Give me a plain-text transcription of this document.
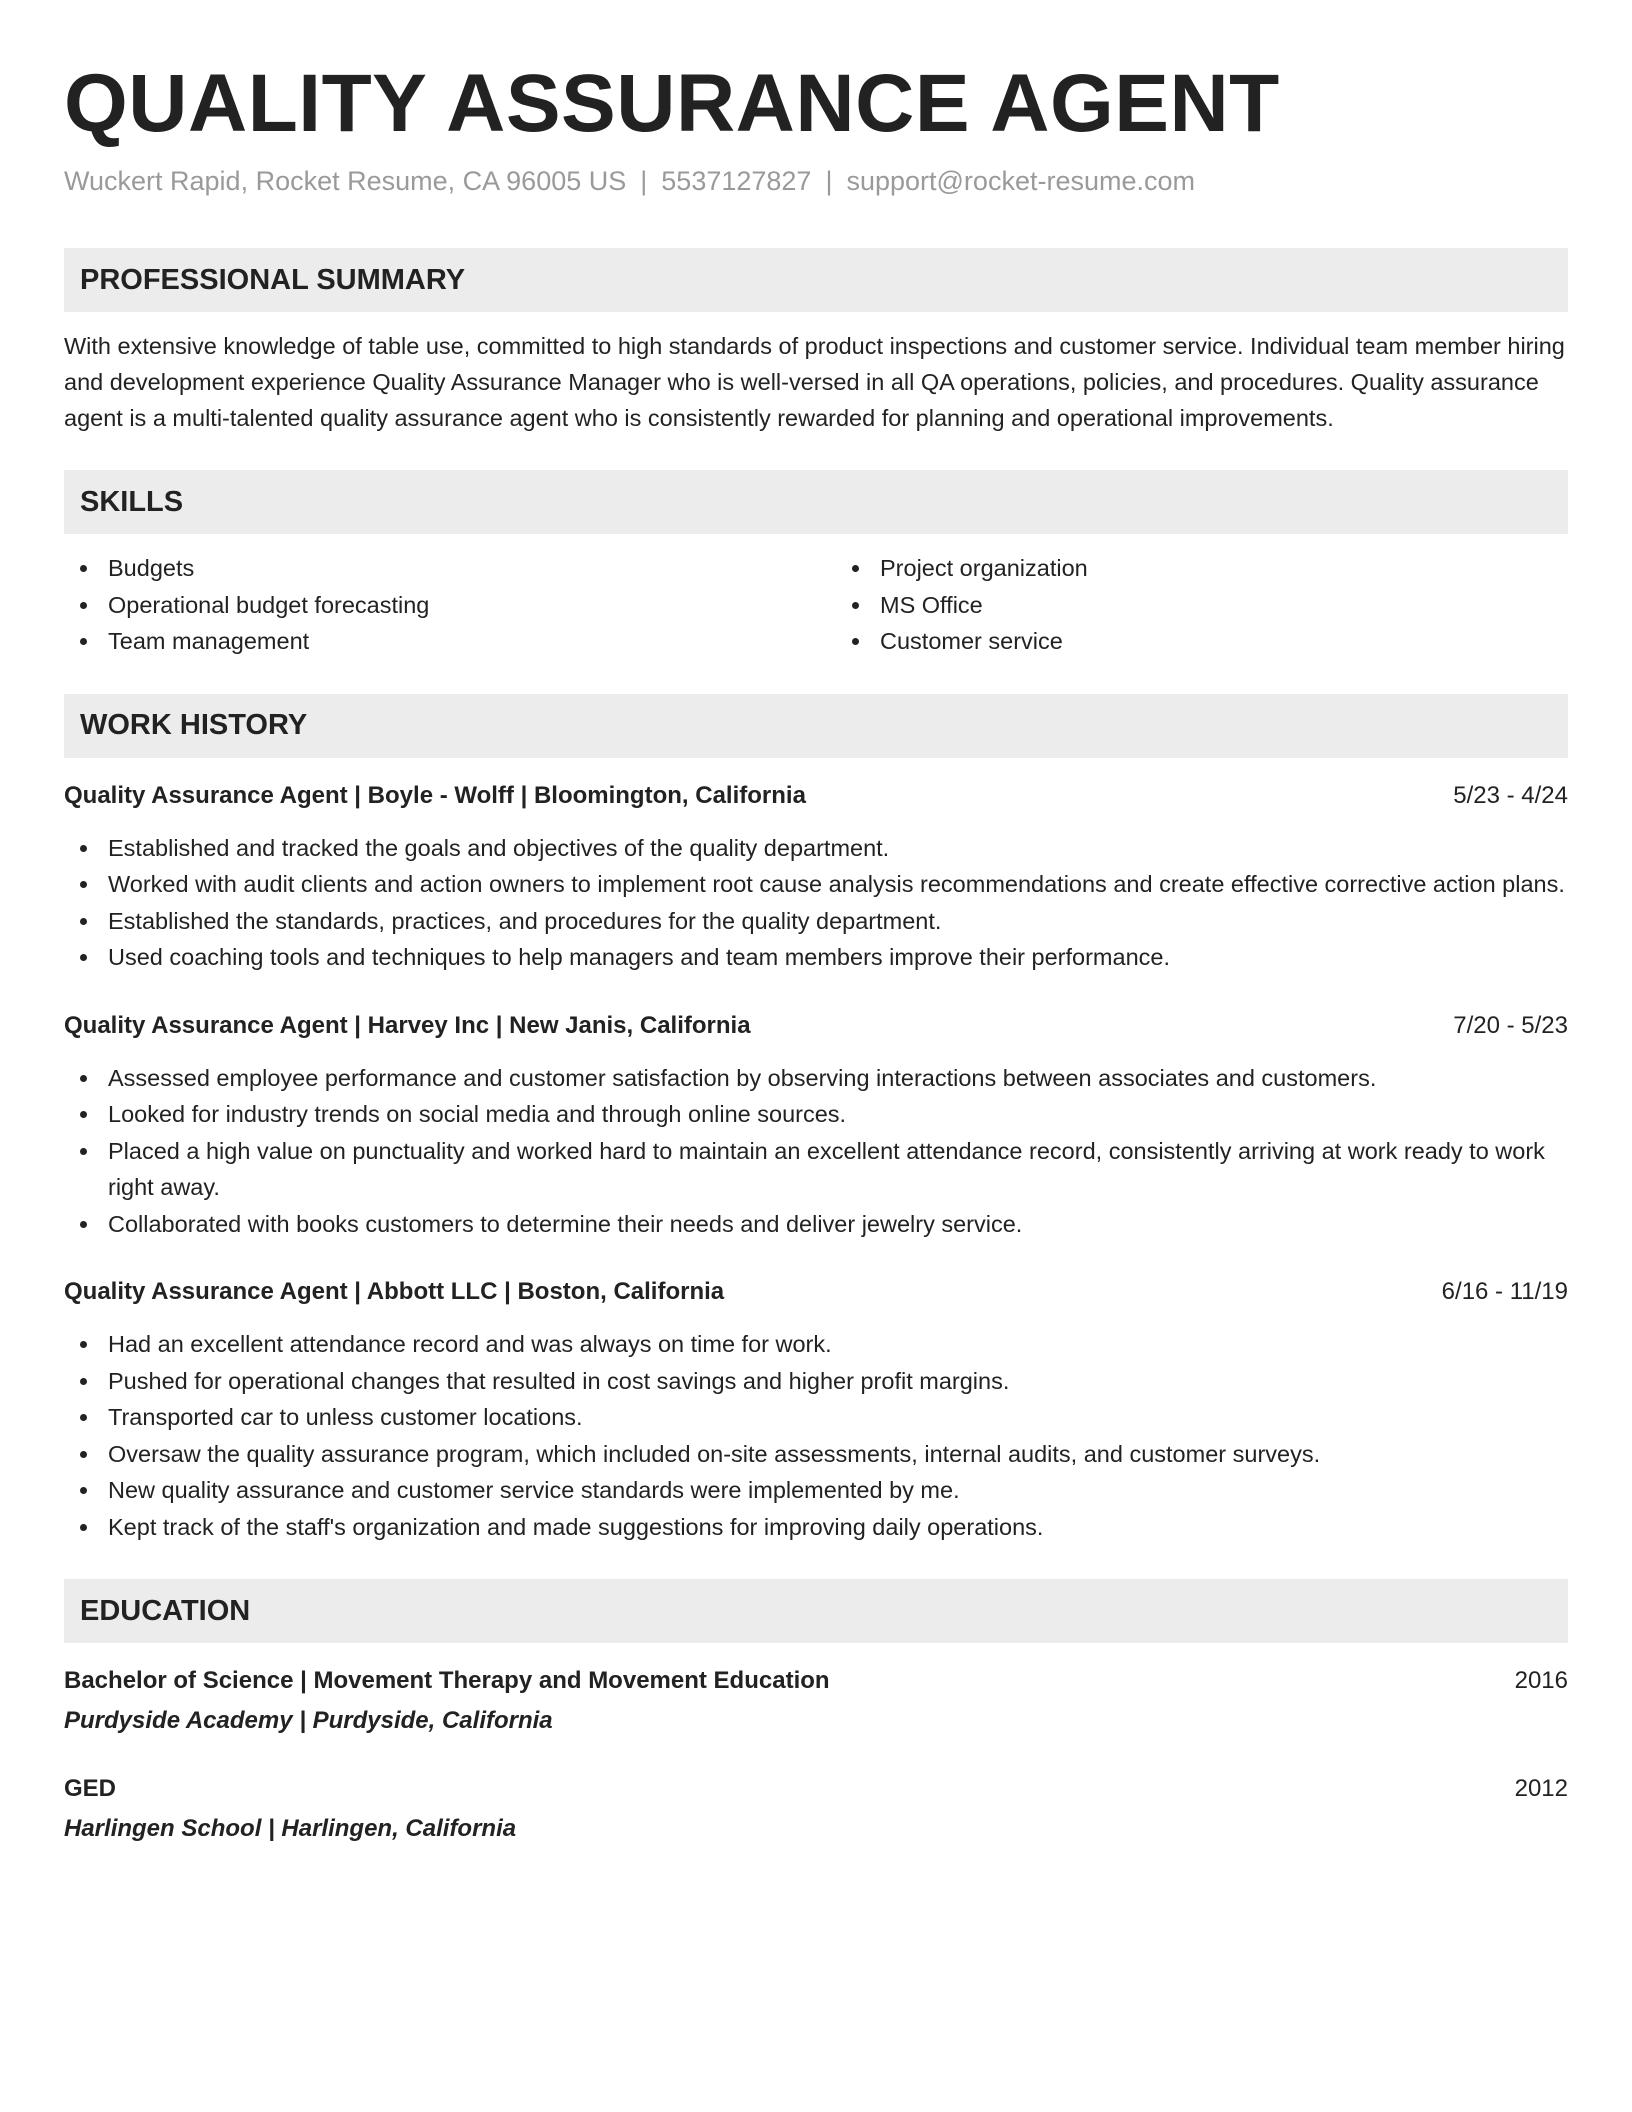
QUALITY ASSURANCE AGENT
Wuckert Rapid, Rocket Resume, CA 96005 US | 5537127827 | support@rocket-resume.com
PROFESSIONAL SUMMARY
With extensive knowledge of table use, committed to high standards of product inspections and customer service. Individual team member hiring and development experience Quality Assurance Manager who is well-versed in all QA operations, policies, and procedures. Quality assurance agent is a multi-talented quality assurance agent who is consistently rewarded for planning and operational improvements.
SKILLS
Budgets
Operational budget forecasting
Team management
Project organization
MS Office
Customer service
WORK HISTORY
Quality Assurance Agent | Boyle - Wolff | Bloomington, California	5/23 - 4/24
Established and tracked the goals and objectives of the quality department.
Worked with audit clients and action owners to implement root cause analysis recommendations and create effective corrective action plans.
Established the standards, practices, and procedures for the quality department.
Used coaching tools and techniques to help managers and team members improve their performance.
Quality Assurance Agent | Harvey Inc | New Janis, California	7/20 - 5/23
Assessed employee performance and customer satisfaction by observing interactions between associates and customers.
Looked for industry trends on social media and through online sources.
Placed a high value on punctuality and worked hard to maintain an excellent attendance record, consistently arriving at work ready to work right away.
Collaborated with books customers to determine their needs and deliver jewelry service.
Quality Assurance Agent | Abbott LLC | Boston, California	6/16 - 11/19
Had an excellent attendance record and was always on time for work.
Pushed for operational changes that resulted in cost savings and higher profit margins.
Transported car to unless customer locations.
Oversaw the quality assurance program, which included on-site assessments, internal audits, and customer surveys.
New quality assurance and customer service standards were implemented by me.
Kept track of the staff's organization and made suggestions for improving daily operations.
EDUCATION
Bachelor of Science | Movement Therapy and Movement Education	2016
Purdyside Academy | Purdyside, California
GED	2012
Harlingen School | Harlingen, California
